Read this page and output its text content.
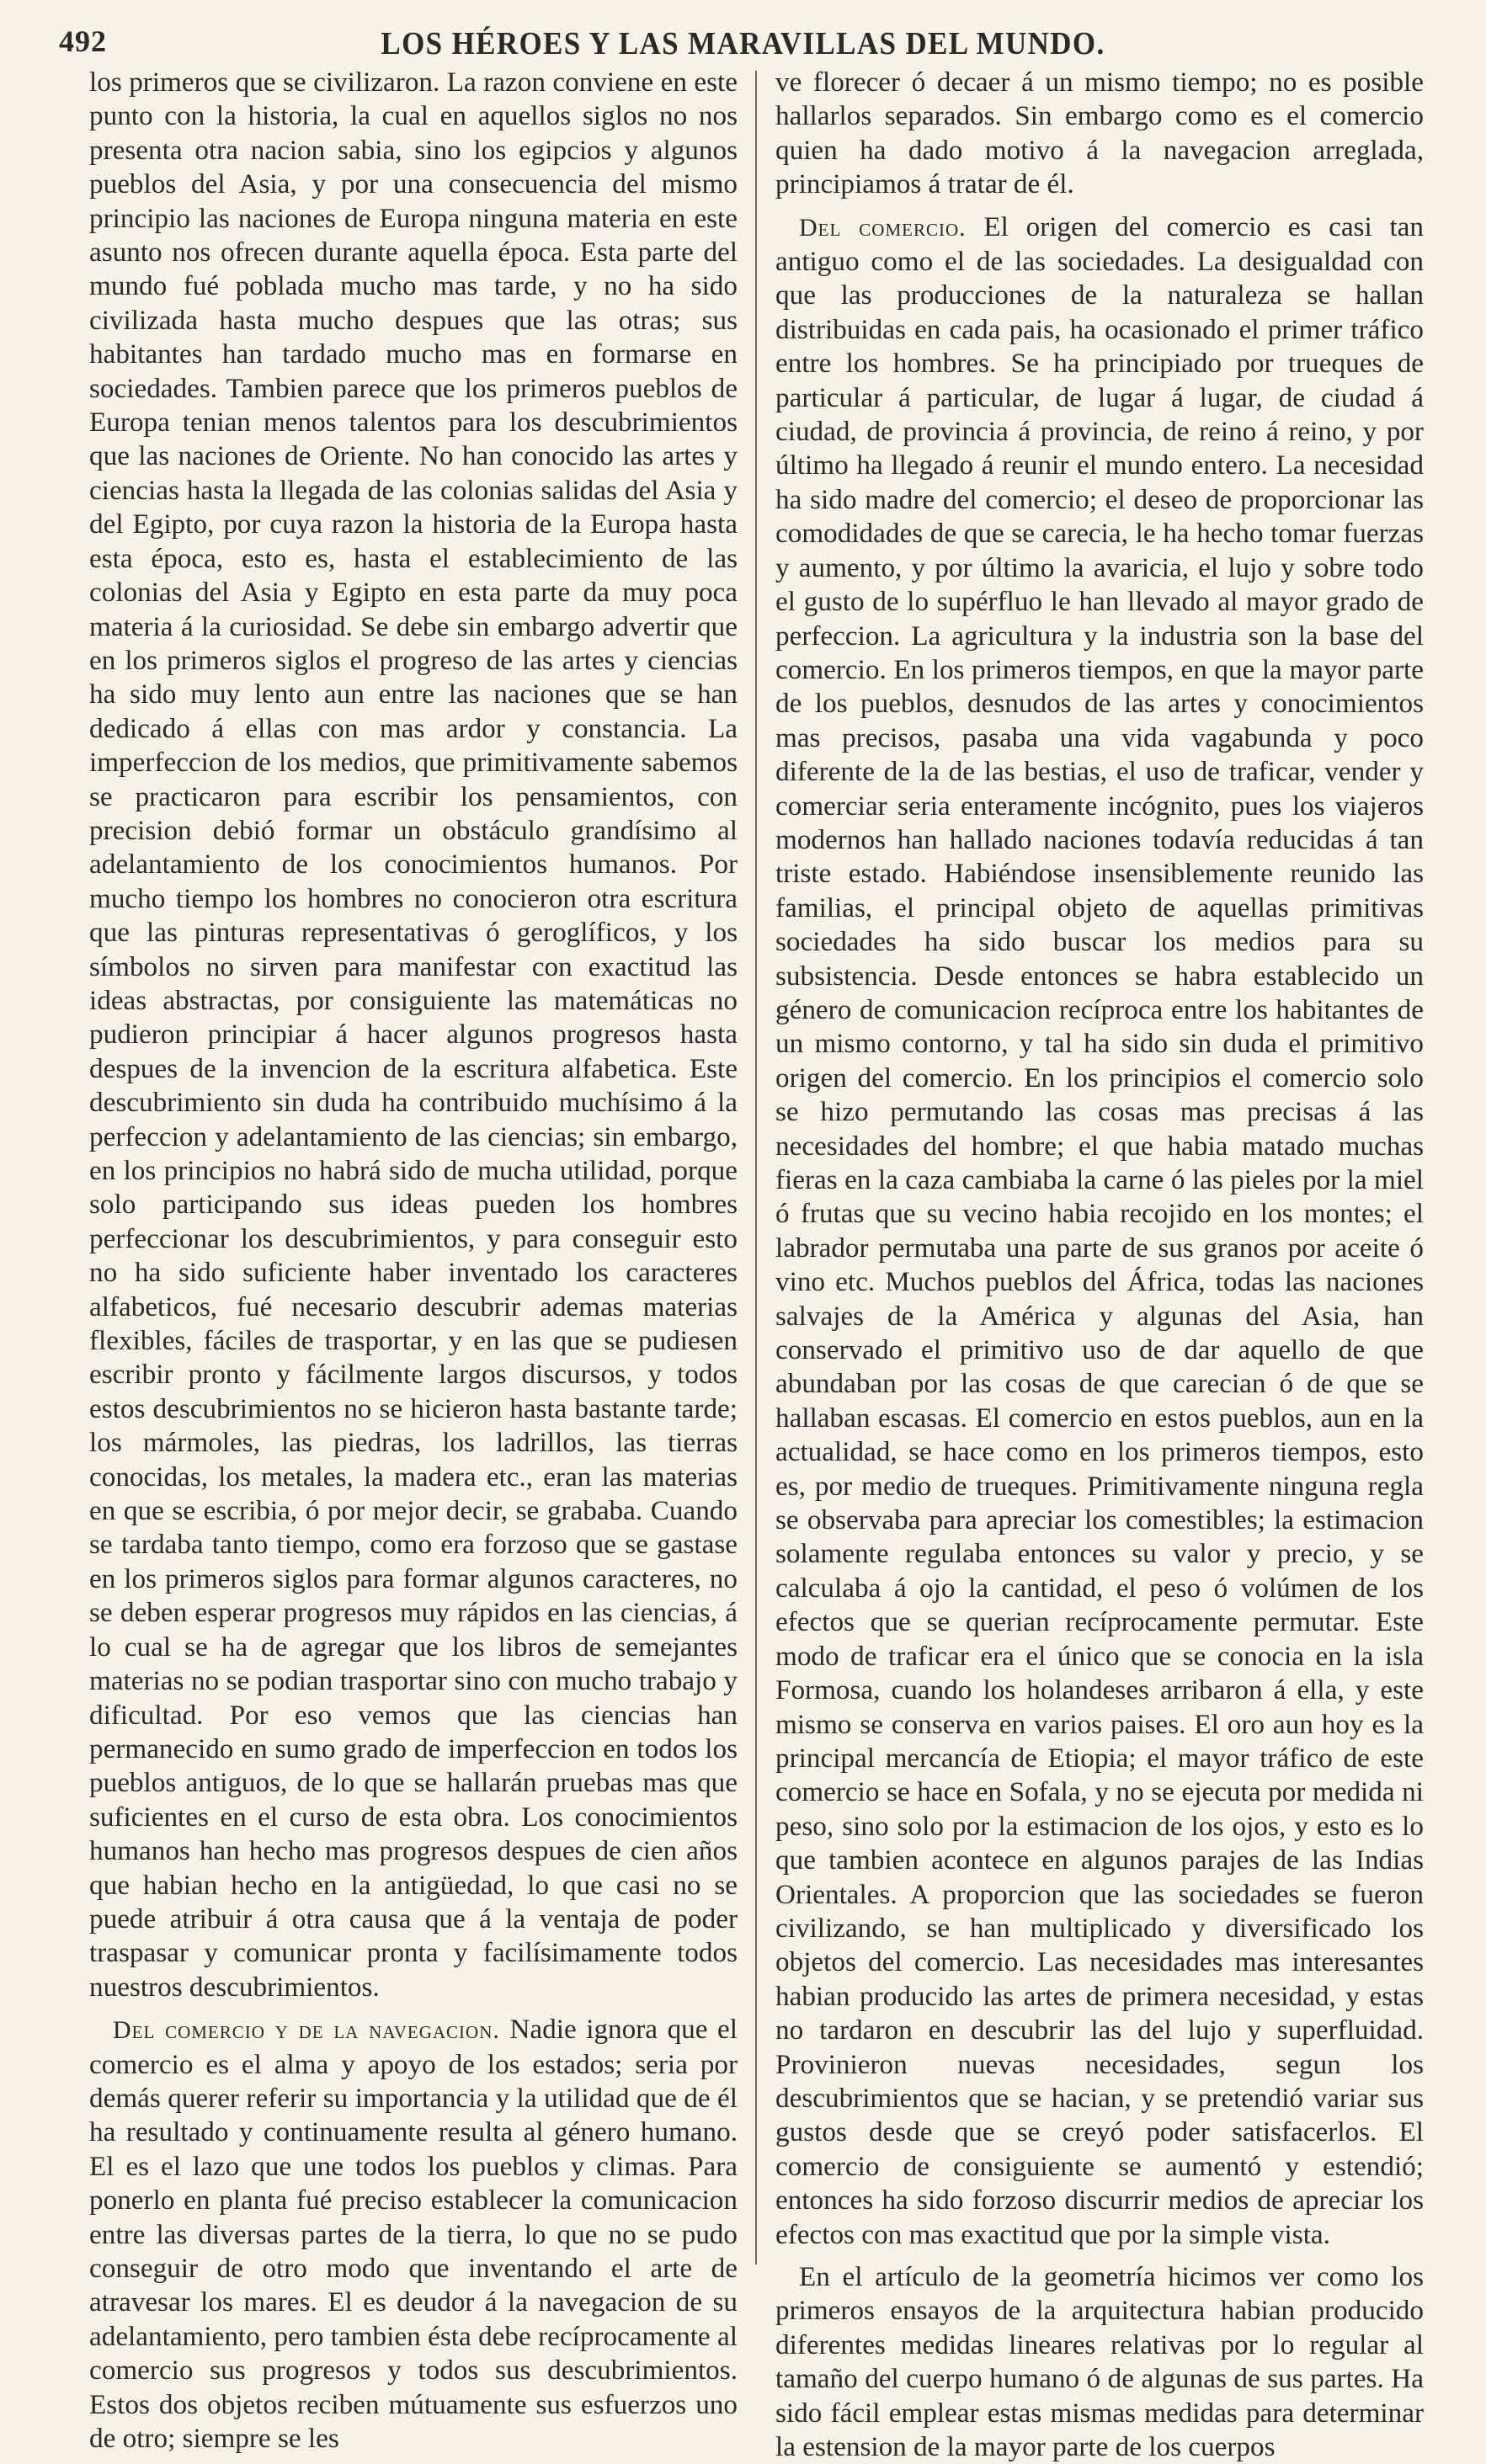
492	LOS HÉROES Y LAS MARAVILLAS DEL MUNDO.

los primeros que se civilizaron. La razon conviene en este punto con la historia, la cual en aquellos siglos no nos presenta otra nacion sabia, sino los egipcios y algunos pueblos del Asia, y por una consecuencia del mismo principio las naciones de Europa ninguna materia en este asunto nos ofrecen durante aquella época. Esta parte del mundo fué poblada mucho mas tarde, y no ha sido civilizada hasta mucho despues que las otras; sus habitantes han tardado mucho mas en formarse en sociedades. Tambien parece que los primeros pueblos de Europa tenian menos talentos para los descubrimientos que las naciones de Oriente. No han conocido las artes y ciencias hasta la llegada de las colonias salidas del Asia y del Egipto, por cuya razon la historia de la Europa hasta esta época, esto es, hasta el establecimiento de las colonias del Asia y Egipto en esta parte da muy poca materia á la curiosidad. Se debe sin embargo advertir que en los primeros siglos el progreso de las artes y ciencias ha sido muy lento aun entre las naciones que se han dedicado á ellas con mas ardor y constancia. La imperfeccion de los medios, que primitivamente sabemos se practicaron para escribir los pensamientos, con precision debió formar un obstáculo grandísimo al adelantamiento de los conocimientos humanos. Por mucho tiempo los hombres no conocieron otra escritura que las pinturas representativas ó geroglíficos, y los símbolos no sirven para manifestar con exactitud las ideas abstractas, por consiguiente las matemáticas no pudieron principiar á hacer algunos progresos hasta despues de la invencion de la escritura alfabetica. Este descubrimiento sin duda ha contribuido muchísimo á la perfeccion y adelantamiento de las ciencias; sin embargo, en los principios no habrá sido de mucha utilidad, porque solo participando sus ideas pueden los hombres perfeccionar los descubrimientos, y para conseguir esto no ha sido suficiente haber inventado los caracteres alfabeticos, fué necesario descubrir ademas materias flexibles, fáciles de trasportar, y en las que se pudiesen escribir pronto y fácilmente largos discursos, y todos estos descubrimientos no se hicieron hasta bastante tarde; los mármoles, las piedras, los ladrillos, las tierras conocidas, los metales, la madera etc., eran las materias en que se escribia, ó por mejor decir, se grababa. Cuando se tardaba tanto tiempo, como era forzoso que se gastase en los primeros siglos para formar algunos caracteres, no se deben esperar progresos muy rápidos en las ciencias, á lo cual se ha de agregar que los libros de semejantes materias no se podian trasportar sino con mucho trabajo y dificultad. Por eso vemos que las ciencias han permanecido en sumo grado de imperfeccion en todos los pueblos antiguos, de lo que se hallarán pruebas mas que suficientes en el curso de esta obra. Los conocimientos humanos han hecho mas progresos despues de cien años que habian hecho en la antigüedad, lo que casi no se puede atribuir á otra causa que á la ventaja de poder traspasar y comunicar pronta y facilísimamente todos nuestros descubrimientos.

Del comercio y de la navegacion. Nadie ignora que el comercio es el alma y apoyo de los estados; seria por demás querer referir su importancia y la utilidad que de él ha resultado y continuamente resulta al género humano. El es el lazo que une todos los pueblos y climas. Para ponerlo en planta fué preciso establecer la comunicacion entre las diversas partes de la tierra, lo que no se pudo conseguir de otro modo que inventando el arte de atravesar los mares. El es deudor á la navegacion de su adelantamiento, pero tambien ésta debe recíprocamente al comercio sus progresos y todos sus descubrimientos. Estos dos objetos reciben mútuamente sus esfuerzos uno de otro; siempre se les

ve florecer ó decaer á un mismo tiempo; no es posible hallarlos separados. Sin embargo como es el comercio quien ha dado motivo á la navegacion arreglada, principiamos á tratar de él.

Del comercio. El origen del comercio es casi tan antiguo como el de las sociedades. La desigualdad con que las producciones de la naturaleza se hallan distribuidas en cada pais, ha ocasionado el primer tráfico entre los hombres. Se ha principiado por trueques de particular á particular, de lugar á lugar, de ciudad á ciudad, de provincia á provincia, de reino á reino, y por último ha llegado á reunir el mundo entero. La necesidad ha sido madre del comercio; el deseo de proporcionar las comodidades de que se carecia, le ha hecho tomar fuerzas y aumento, y por último la avaricia, el lujo y sobre todo el gusto de lo supérfluo le han llevado al mayor grado de perfeccion. La agricultura y la industria son la base del comercio. En los primeros tiempos, en que la mayor parte de los pueblos, desnudos de las artes y conocimientos mas precisos, pasaba una vida vagabunda y poco diferente de la de las bestias, el uso de traficar, vender y comerciar seria enteramente incógnito, pues los viajeros modernos han hallado naciones todavía reducidas á tan triste estado. Habiéndose insensiblemente reunido las familias, el principal objeto de aquellas primitivas sociedades ha sido buscar los medios para su subsistencia. Desde entonces se habra establecido un género de comunicacion recíproca entre los habitantes de un mismo contorno, y tal ha sido sin duda el primitivo origen del comercio. En los principios el comercio solo se hizo permutando las cosas mas precisas á las necesidades del hombre; el que habia matado muchas fieras en la caza cambiaba la carne ó las pieles por la miel ó frutas que su vecino habia recojido en los montes; el labrador permutaba una parte de sus granos por aceite ó vino etc. Muchos pueblos del África, todas las naciones salvajes de la América y algunas del Asia, han conservado el primitivo uso de dar aquello de que abundaban por las cosas de que carecian ó de que se hallaban escasas. El comercio en estos pueblos, aun en la actualidad, se hace como en los primeros tiempos, esto es, por medio de trueques. Primitivamente ninguna regla se observaba para apreciar los comestibles; la estimacion solamente regulaba entonces su valor y precio, y se calculaba á ojo la cantidad, el peso ó volúmen de los efectos que se querian recíprocamente permutar. Este modo de traficar era el único que se conocia en la isla Formosa, cuando los holandeses arribaron á ella, y este mismo se conserva en varios paises. El oro aun hoy es la principal mercancía de Etiopia; el mayor tráfico de este comercio se hace en Sofala, y no se ejecuta por medida ni peso, sino solo por la estimacion de los ojos, y esto es lo que tambien acontece en algunos parajes de las Indias Orientales. A proporcion que las sociedades se fueron civilizando, se han multiplicado y diversificado los objetos del comercio. Las necesidades mas interesantes habian producido las artes de primera necesidad, y estas no tardaron en descubrir las del lujo y superfluidad. Provinieron nuevas necesidades, segun los descubrimientos que se hacian, y se pretendió variar sus gustos desde que se creyó poder satisfacerlos. El comercio de consiguiente se aumentó y estendió; entonces ha sido forzoso discurrir medios de apreciar los efectos con mas exactitud que por la simple vista.

En el artículo de la geometría hicimos ver como los primeros ensayos de la arquitectura habian producido diferentes medidas lineares relativas por lo regular al tamaño del cuerpo humano ó de algunas de sus partes. Ha sido fácil emplear estas mismas medidas para determinar la estension de la mayor parte de los cuerpos
